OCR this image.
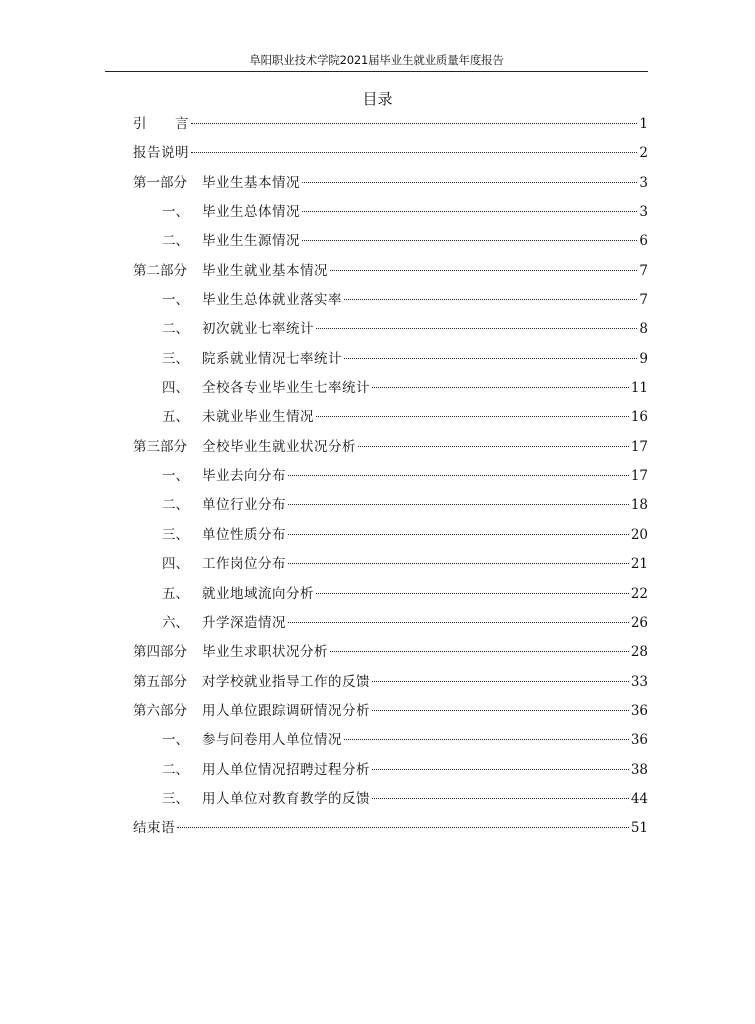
阜阳职业技术学院2021届毕业生就业质量年度报告
目录
引　　言	1
报告说明	2
第一部分	毕业生基本情况	3
一、 毕业生总体情况	3
二、 毕业生生源情况	6
第二部分	毕业生就业基本情况	7
一、 毕业生总体就业落实率	7
二、 初次就业七率统计	8
三、 院系就业情况七率统计	9
四、 全校各专业毕业生七率统计	11
五、 未就业毕业生情况	16
第三部分	全校毕业生就业状况分析	17
一、 毕业去向分布	17
二、 单位行业分布	18
三、 单位性质分布	20
四、 工作岗位分布	21
五、 就业地域流向分析	22
六、 升学深造情况	26
第四部分	毕业生求职状况分析	28
第五部分	对学校就业指导工作的反馈	33
第六部分	用人单位跟踪调研情况分析	36
一、 参与问卷用人单位情况	36
二、 用人单位情况招聘过程分析	38
三、 用人单位对教育教学的反馈	44
结束语	51
